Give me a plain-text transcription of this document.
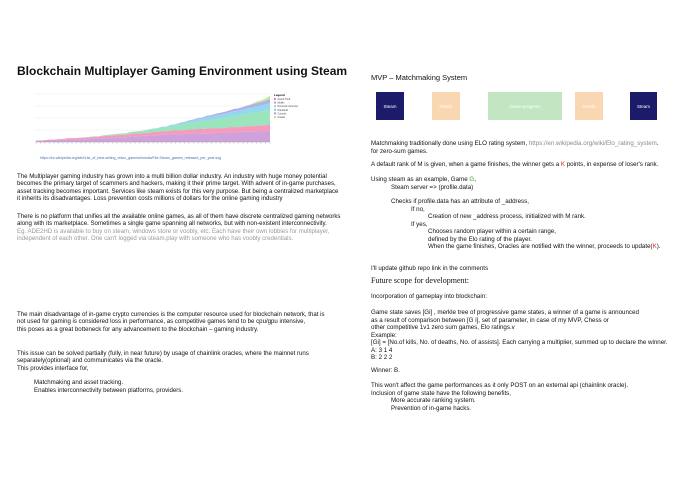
Blockchain Multiplayer Gaming Environment using Steam
Legend
Grand Theft
Mobile
Personal Computer
Handheld
Console
Arcade
https://en.wikipedia.org/wiki/List_of_best-selling_video_games#/media/File:Steam_games_released_per_year.svg
The Multiplayer gaming industry has grown into a multi billion dollar industry. An industry with huge money potential
becomes the primary target of scammers and hackers, making it their prime target. With advent of in-game purchases,
asset tracking becomes important. Services like steam exists for this very purpose. But being a centralized marketplace
it inherits its disadvantages. Loss prevention costs millions of dollars for the online gaming industry
There is no platform that unifies all the available online games, as all of them have discrete centralized gaming networks
along with its marketplace. Sometimes a single game spanning all networks, but with non-existent interconnectivity.
Eg. ADE2HD is available to buy on steam, windows store or voobly, etc. Each have their own lobbies for multiplayer,
independent of each other. One can't logged via steam.play with someone who has voobly credentials.
The main disadvantage of in-game crypto currencies is the computer resource used for blockchain network, that is
not used for gaming is considered loss in performance, as competitive games tend to be cpu/gpu intensive,
this poses as a great botteneck for any advancement to the blockchain – gaming industry.
This issue can be solved partially (fully, in near future) by usage of chainlink oracles, where the mainnet runs
separately(optional) and communicates via the oracle.
This provides interface for,
Matchmaking and asset tracking.
Enables interconnectivity between platforms, providers.
MVP – Matchmaking System
Steam	Oracle	Game progress	Oracle	Steam
Matchmaking traditionally done using ELO rating system, https://en.wikipedia.org/wiki/Elo_rating_system.
for zero-sum games.
A default rank of M is given, when a game finishes, the winner gets a K points, in expense of loser's rank.
Using steam as an example, Game G,
Steam server => (profile.data)
Checks if profile.data has an attribute of _address,
If no,
Creation of new _address process, initialized with M rank.
If yes,
Chooses random player within a certain range,
defined by the Elo rating of the player.
When the game finishes, Oracles are notified with the winner, proceeds to update(K).
I'll update github repo link in the comments
Future scope for development:
Incorporation of gameplay into blockchain:
Game state saves [Gi] , merkle tree of progressive game states, a winner of a game is announced
as a result of comparison between [G i], set of parameter, in case of my MVP, Chess or
other competitive 1v1 zero sum games, Elo ratings.v
Example:
[Gi] = [No.of kills, No. of deaths, No. of assists]. Each carrying a multiplier, summed up to declare the winner.
A: 3 1 4
B: 2 2 2
Winner: B.
This won't affect the game performances as it only POST on an external api (chainlink oracle).
Inclusion of game state have the following benefits,
More accurate ranking system.
Prevention of in-game hacks.
